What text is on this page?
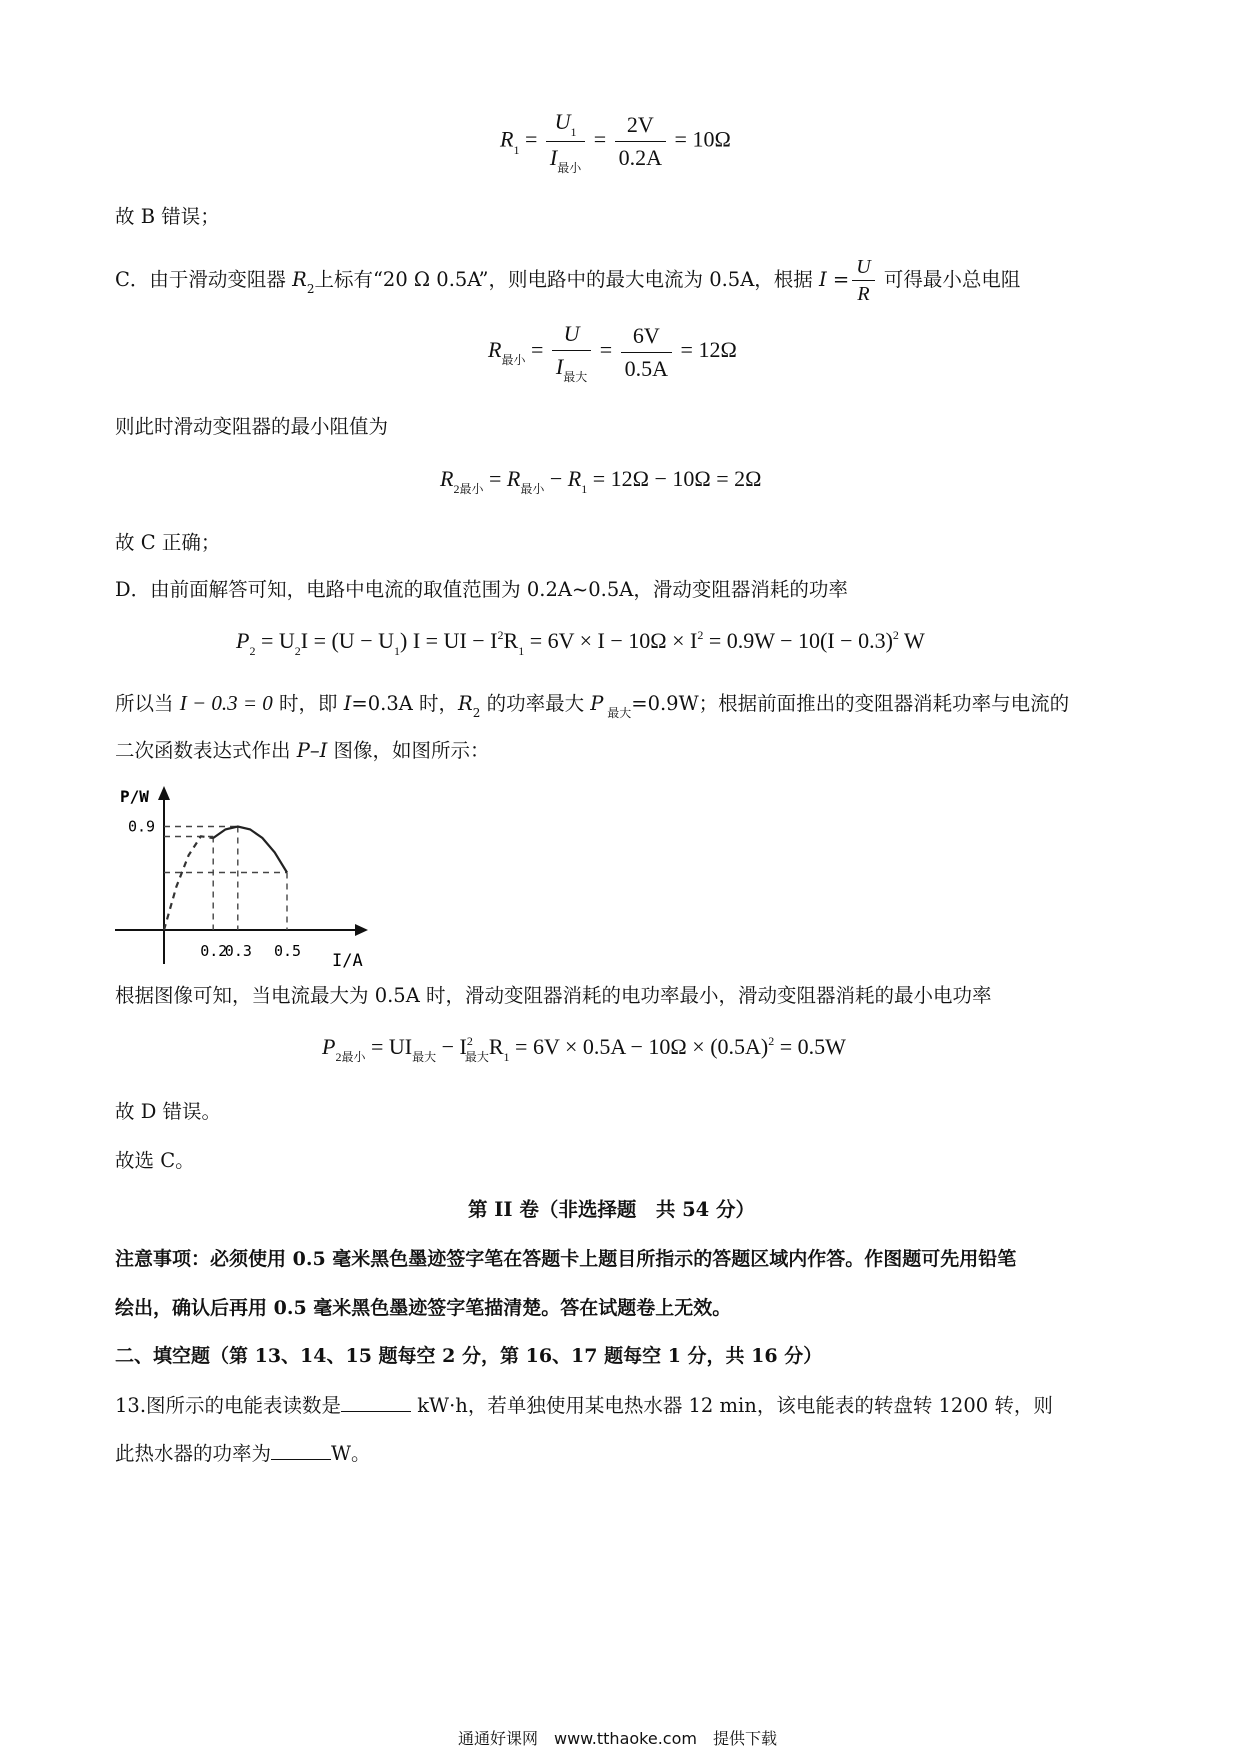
$R_1 = \frac{U_1}{I_{最小}} = \frac{2V}{0.2A} = 10\Omega$
故 B 错误；
C．由于滑动变阻器 $R_2$上标有“20 Ω 0.5A”，则电路中的最大电流为 0.5A，根据 $I = \frac{U}{R}$ 可得最小总电阻
$R_{最小} = \frac{U}{I_{最大}} = \frac{6V}{0.5A} = 12\Omega$
则此时滑动变阻器的最小阻值为
$R_{2最小} = R_{最小} - R_1 = 12\Omega - 10\Omega = 2\Omega$
故 C 正确；
D．由前面解答可知，电路中电流的取值范围为 0.2A~0.5A，滑动变阻器消耗的功率
$P_2 = U_2I = (U - U_1) I$ = UI − $I^2R_1 = 6V \times I - 10\Omega \times I^2 = 0.9W - 10(I - 0.3)^2$ W
所以当 I − 0.3 = 0 时，即 I=0.3A 时，$R_2$ 的功率最大 P $_{最大}$=0.9W；根据前面推出的变阻器消耗功率与电流的
二次函数表达式作出 P–I 图像，如图所示：
P/W
I/A
0.2
0.3 0.5
0.9
根据图像可知，当电流最大为 0.5A 时，滑动变阻器消耗的电功率最小，滑动变阻器消耗的最小电功率
$P_{2最小} = UI_{最大} - I^2_{最大}R_1 = 6V \times 0.5A - 10\Omega \times (0.5A)^2 = 0.5W$
故 D 错误。
故选 C。
第 II 卷（非选择题　共 54 分）
注意事项：必须使用 0.5 毫米黑色墨迹签字笔在答题卡上题目所指示的答题区域内作答。作图题可先用铅笔
绘出，确认后再用 0.5 毫米黑色墨迹签字笔描清楚。答在试题卷上无效。
二、填空题（第 13、14、15 题每空 2 分，第 16、17 题每空 1 分，共 16 分）
13.图所示的电能表读数是	kW·h，若单独使用某电热水器 12 min，该电能表的转盘转 1200 转，则
此热水器的功率为	W。
通通好课网　www.tthaoke.com　提供下载
